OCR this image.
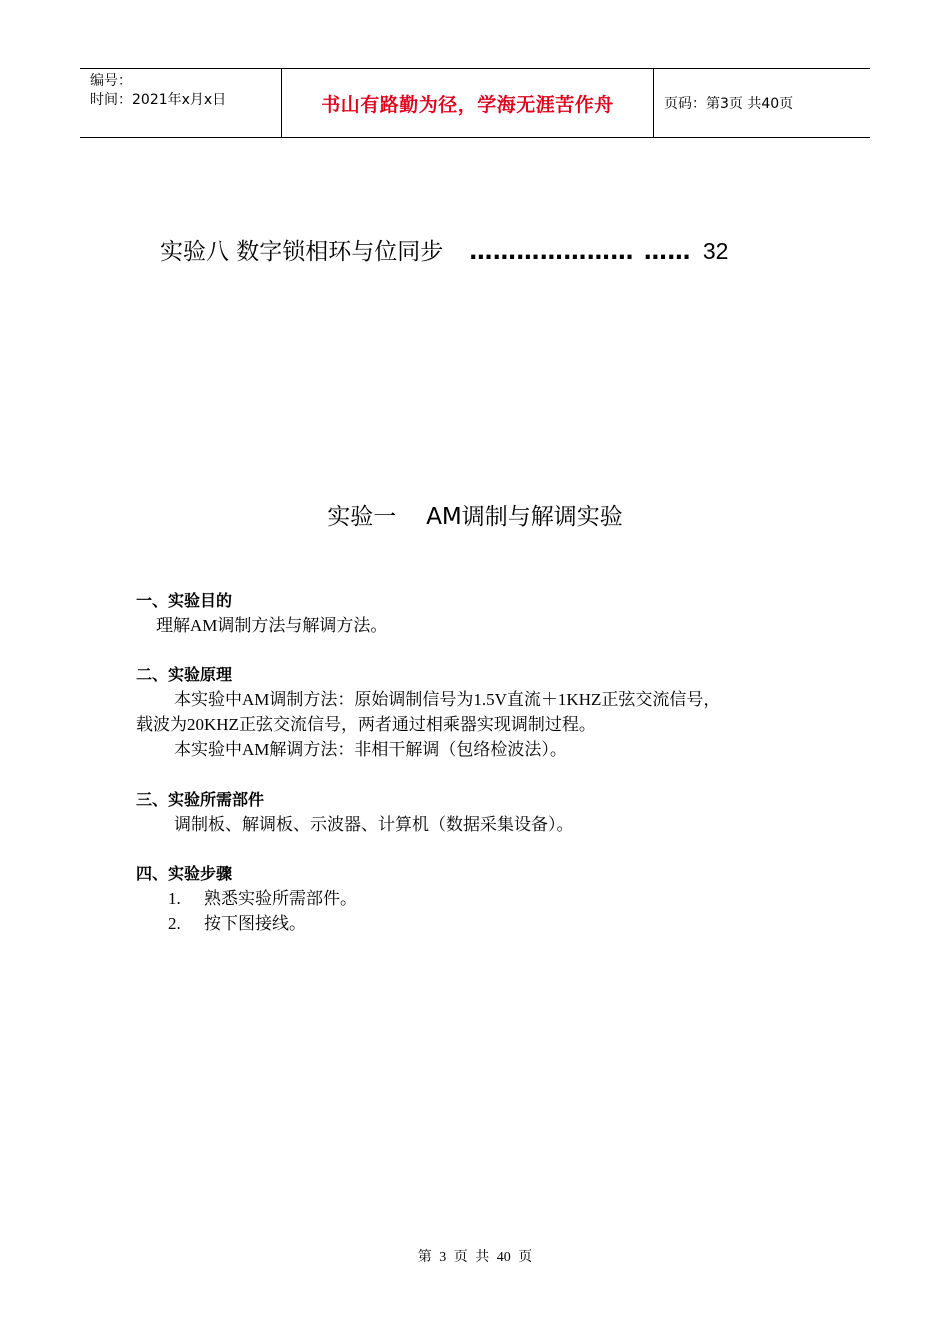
编号：
时间：2021年x月x日	书山有路勤为径，学海无涯苦作舟	页码：第3页 共40页
实验八 数字锁相环与位同步 ………………… …… 32
实验一 AM调制与解调实验
一、实验目的
理解AM调制方法与解调方法。
二、实验原理
本实验中AM调制方法：原始调制信号为1.5V直流＋1KHZ正弦交流信号，
载波为20KHZ正弦交流信号，两者通过相乘器实现调制过程。
本实验中AM解调方法：非相干解调（包络检波法）。
三、实验所需部件
调制板、解调板、示波器、计算机（数据采集设备）。
四、实验步骤
1.	熟悉实验所需部件。
2.	按下图接线。
第 3 页 共 40 页
